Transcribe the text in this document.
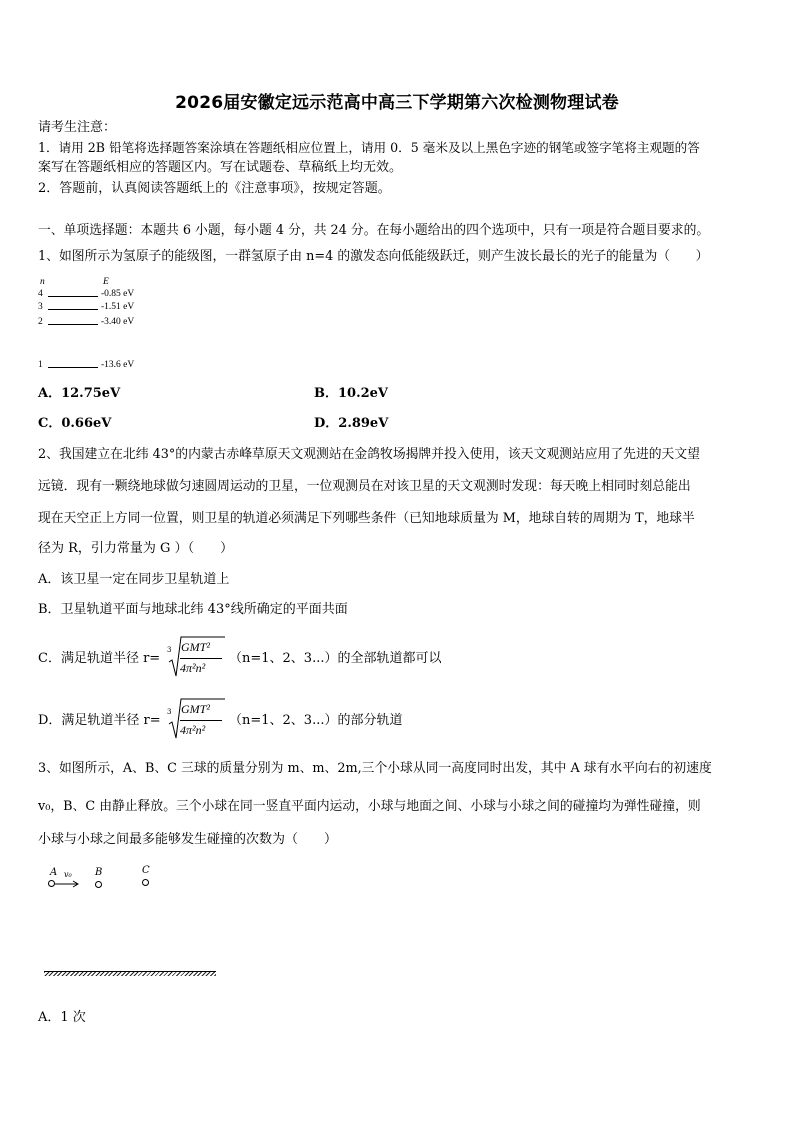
2026届安徽定远示范高中高三下学期第六次检测物理试卷
请考生注意：
1．请用 2B 铅笔将选择题答案涂填在答题纸相应位置上，请用 0．5 毫米及以上黑色字迹的钢笔或签字笔将主观题的答
案写在答题纸相应的答题区内。写在试题卷、草稿纸上均无效。
2．答题前，认真阅读答题纸上的《注意事项》，按规定答题。
一、单项选择题：本题共 6 小题，每小题 4 分，共 24 分。在每小题给出的四个选项中，只有一项是符合题目要求的。
1、如图所示为氢原子的能级图，一群氢原子由 n=4 的激发态向低能级跃迁，则产生波长最长的光子的能量为（　　）
n	E
4	-0.85 eV
3	-1.51 eV
2	-3.40 eV
1	-13.6 eV
A．12.75eV	B．10.2eV
C．0.66eV	D．2.89eV
2、我国建立在北纬 43°的内蒙古赤峰草原天文观测站在金鸽牧场揭牌并投入使用，该天文观测站应用了先进的天文望
远镜．现有一颗绕地球做匀速圆周运动的卫星，一位观测员在对该卫星的天文观测时发现：每天晚上相同时刻总能出
现在天空正上方同一位置，则卫星的轨道必须满足下列哪些条件（已知地球质量为 M，地球自转的周期为 T，地球半
径为 R，引力常量为 G ）（　　）
A．该卫星一定在同步卫星轨道上
B．卫星轨道平面与地球北纬 43°线所确定的平面共面
C．满足轨道半径 r=
3 GMT²
4π²n²
（n=1、2、3...）的全部轨道都可以
D．满足轨道半径 r=
3 GMT²
4π²n²
（n=1、2、3...）的部分轨道
3、如图所示，A、B、C 三球的质量分别为 m、m、2m,三个小球从同一高度同时出发，其中 A 球有水平向右的初速度
v₀，B、C 由静止释放。三个小球在同一竖直平面内运动，小球与地面之间、小球与小球之间的碰撞均为弹性碰撞，则
小球与小球之间最多能够发生碰撞的次数为（　　）
A v₀ B	C
A．1 次
